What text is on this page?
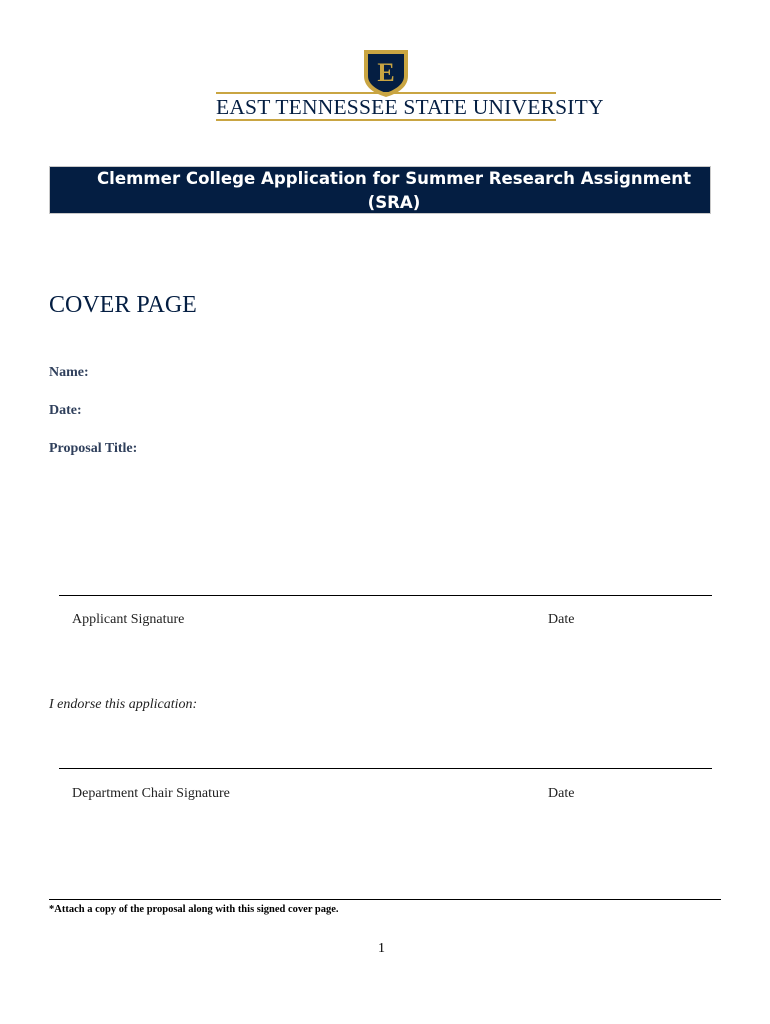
E
EAST TENNESSEE STATE UNIVERSITY
Clemmer College Application for Summer Research Assignment
(SRA)
COVER PAGE
Name:
Date:
Proposal Title:
Applicant Signature	Date
I endorse this application:
Department Chair Signature	Date
*Attach a copy of the proposal along with this signed cover page.
1
